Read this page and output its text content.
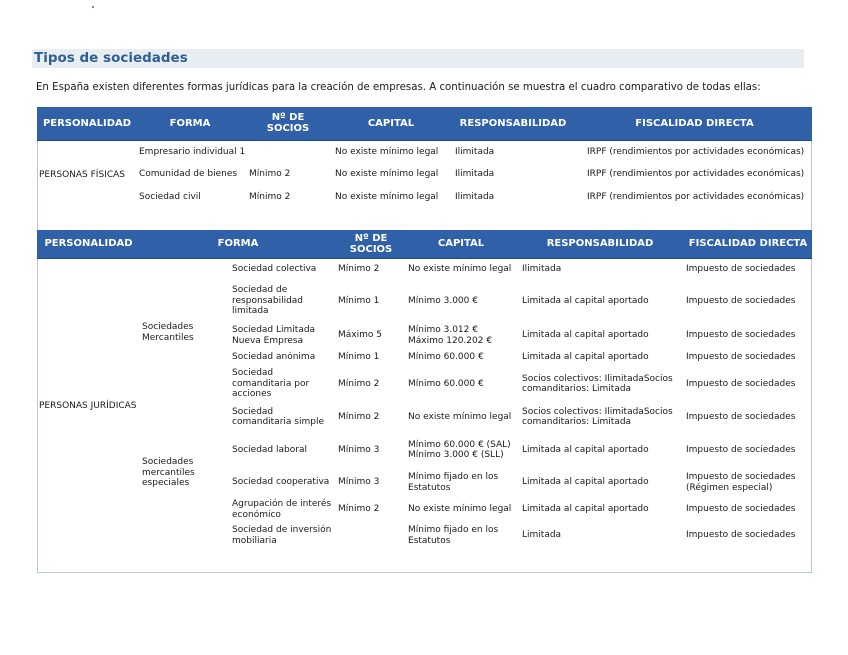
Tipos de sociedades
En España existen diferentes formas jurídicas para la creación de empresas. A continuación se muestra el cuadro comparativo de todas ellas:
PERSONALIDAD	FORMA	Nº DE SOCIOS	CAPITAL	RESPONSABILIDAD	FISCALIDAD DIRECTA
PERSONAS FÍSICAS	Empresario individual 1		No existe mínimo legal	Ilimitada	IRPF (rendimientos por actividades económicas)
	Comunidad de bienes	Mínimo 2	No existe mínimo legal	Ilimitada	IRPF (rendimientos por actividades económicas)
	Sociedad civil	Mínimo 2	No existe mínimo legal	Ilimitada	IRPF (rendimientos por actividades económicas)
PERSONALIDAD	FORMA		Nº DE SOCIOS	CAPITAL	RESPONSABILIDAD	FISCALIDAD DIRECTA
PERSONAS JURÍDICAS		Sociedad colectiva	Mínimo 2	No existe mínimo legal	Ilimitada	Impuesto de sociedades
	Sociedades Mercantiles	Sociedad de responsabilidad limitada	Mínimo 1	Mínimo 3.000 €	Limitada al capital aportado	Impuesto de sociedades
		Sociedad Limitada Nueva Empresa	Máximo 5	Mínimo 3.012 € Máximo 120.202 €	Limitada al capital aportado	Impuesto de sociedades
		Sociedad anónima	Mínimo 1	Mínimo 60.000 €	Limitada al capital aportado	Impuesto de sociedades
		Sociedad comanditaria por acciones	Mínimo 2	Mínimo 60.000 €	Socios colectivos: IlimitadaSocios comanditarios: Limitada	Impuesto de sociedades
		Sociedad comanditaria simple	Mínimo 2	No existe mínimo legal	Socios colectivos: IlimitadaSocios comanditarios: Limitada	Impuesto de sociedades
	Sociedades mercantiles especiales	Sociedad laboral	Mínimo 3	Mínimo 60.000 € (SAL) Mínimo 3.000 € (SLL)	Limitada al capital aportado	Impuesto de sociedades
		Sociedad cooperativa	Mínimo 3	Mínimo fijado en los Estatutos	Limitada al capital aportado	Impuesto de sociedades (Régimen especial)
		Agrupación de interés económico	Mínimo 2	No existe mínimo legal	Limitada al capital aportado	Impuesto de sociedades
		Sociedad de inversión mobiliaria		Mínimo fijado en los Estatutos	Limitada	Impuesto de sociedades
